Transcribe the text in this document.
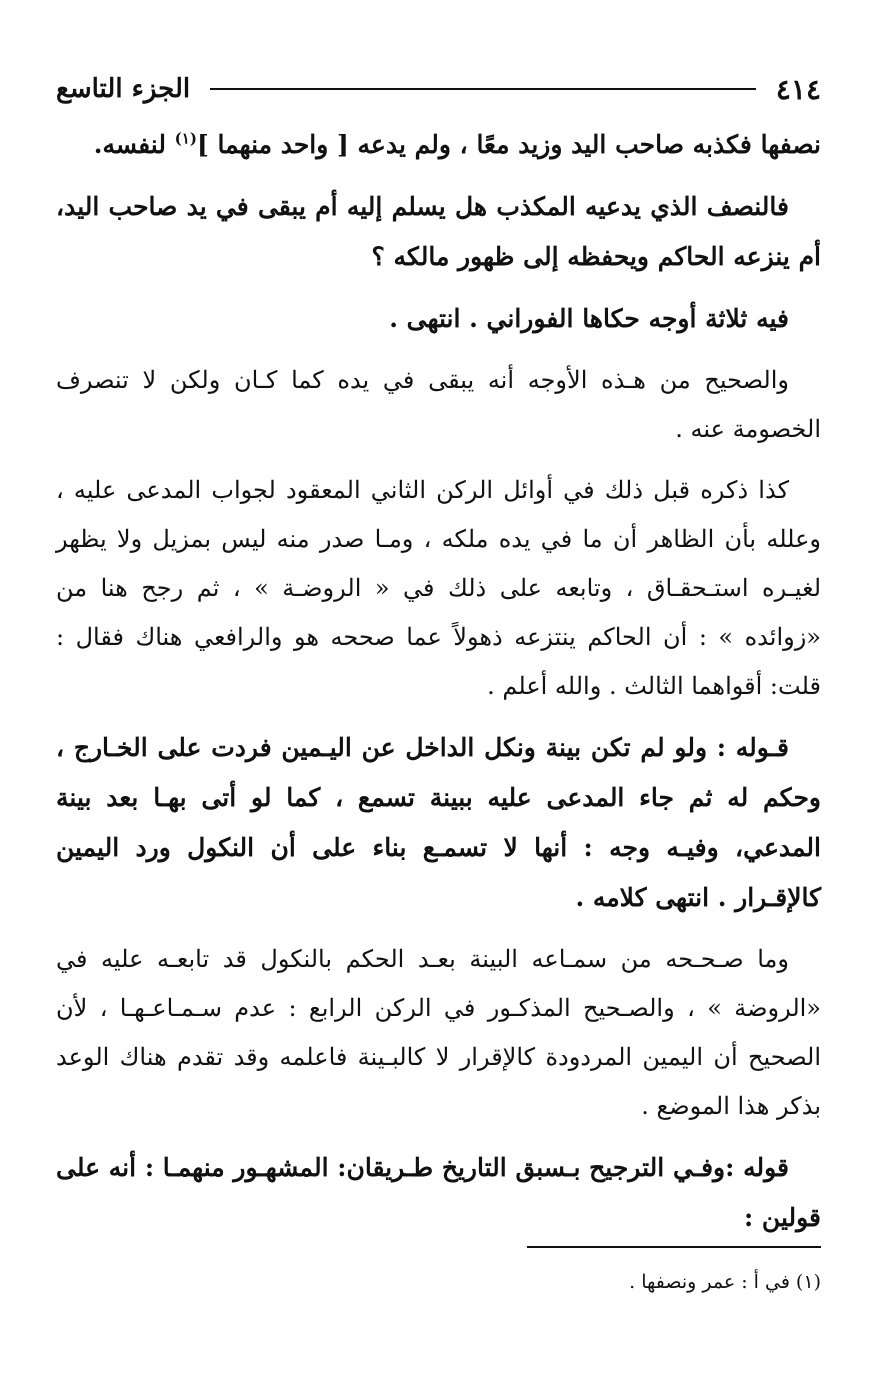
٤١٤
الجزء التاسع

نصفها فكذبه صاحب اليد وزيد معًا ، ولم يدعه [ واحد منهما ]$^{(١)}$ لنفسه.

فالنصف الذي يدعيه المكذب هل يسلم إليه أم يبقى في يد صاحب اليد، أم ينزعه الحاكم ويحفظه إلى ظهور مالكه ؟

فيه ثلاثة أوجه حكاها الفوراني . انتهى .

والصحيح من هـذه الأوجه أنه يبقى في يده كما كـان ولكن لا تنصرف الخصومة عنه .

كذا ذكره قبل ذلك في أوائل الركن الثاني المعقود لجواب المدعى عليه ، وعلله بأن الظاهر أن ما في يده ملكه ، ومـا صدر منه ليس بمزيل ولا يظهر لغيـره استـحقـاق ، وتابعه على ذلك في « الروضـة » ، ثم رجح هنا من «زوائده » : أن الحاكم ينتزعه ذهولاً عما صححه هو والرافعي هناك فقال : قلت: أقواهما الثالث . والله أعلم .

قـوله : ولو لم تكن بينة ونكل الداخل عن اليـمين فردت على الخـارج ، وحكم له ثم جاء المدعى عليه ببينة تسمع ، كما لو أتى بهـا بعد بينة المدعي، وفيـه وجه : أنها لا تسمـع بناء على أن النكول ورد اليمين كالإقـرار . انتهى كلامه .

وما صـحـحه من سمـاعه البينة بعـد الحكم بالنكول قد تابعـه عليه في «الروضة » ، والصـحيح المذكـور في الركن الرابع : عدم سـمـاعـهـا ، لأن الصحيح أن اليمين المردودة كالإقرار لا كالبـينة فاعلمه وقد تقدم هناك الوعد بذكر هذا الموضع .

قوله :وفـي الترجيح بـسبق التاريخ طـريقان: المشهـور منهمـا : أنه على قولين :

(١) في أ : عمر ونصفها .
